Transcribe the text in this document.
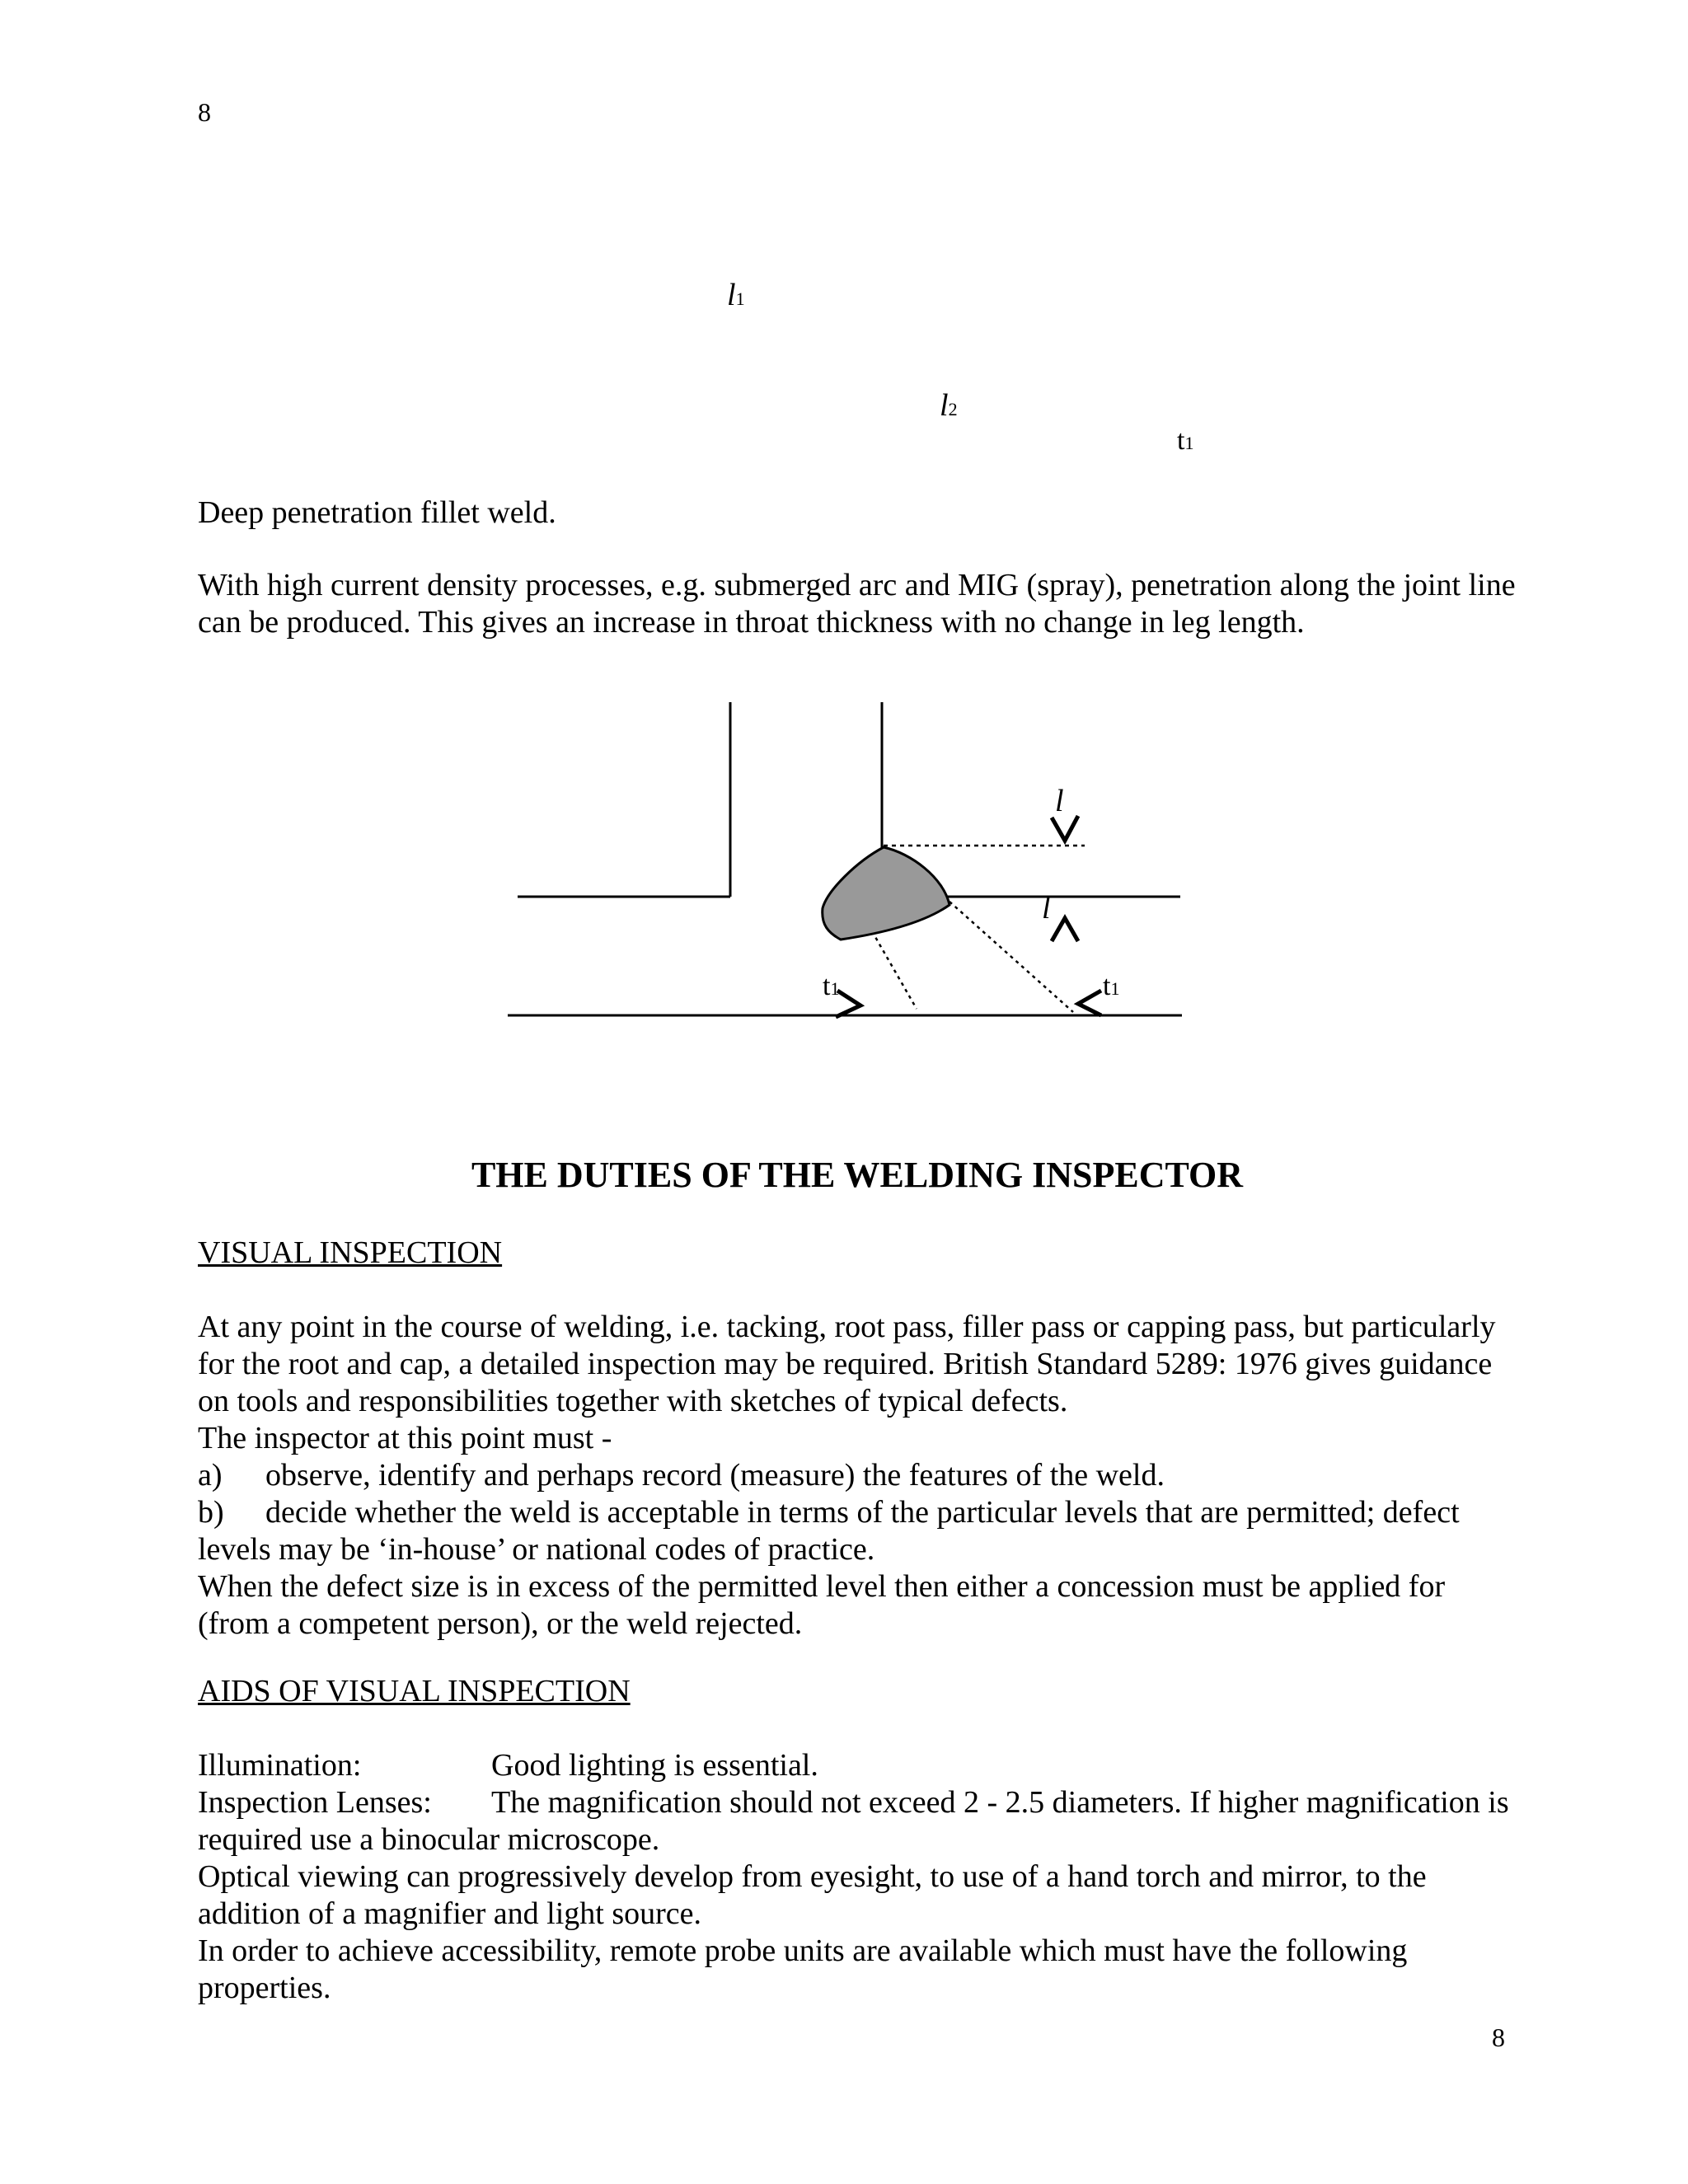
8
8
l1
l2
t1
Deep penetration fillet weld.
With high current density processes, e.g. submerged arc and MIG (spray), penetration along the joint line can be produced. This gives an increase in throat thickness with no change in leg length.
l
l
t1	t1
THE DUTIES OF THE WELDING INSPECTOR
VISUAL INSPECTION
At any point in the course of welding, i.e. tacking, root pass, filler pass or capping pass, but particularly for the root and cap, a detailed inspection may be required. British Standard 5289: 1976 gives guidance on tools and responsibilities together with sketches of typical defects.
The inspector at this point must -
a) observe, identify and perhaps record (measure) the features of the weld.
b) decide whether the weld is acceptable in terms of the particular levels that are permitted; defect levels may be ‘in-house’ or national codes of practice.
When the defect size is in excess of the permitted level then either a concession must be applied for (from a competent person), or the weld rejected.
AIDS OF VISUAL INSPECTION
Illumination:	Good lighting is essential.
Inspection Lenses: The magnification should not exceed 2 - 2.5 diameters. If higher magnification is required use a binocular microscope.
Optical viewing can progressively develop from eyesight, to use of a hand torch and mirror, to the addition of a magnifier and light source.
In order to achieve accessibility, remote probe units are available which must have the following properties.
